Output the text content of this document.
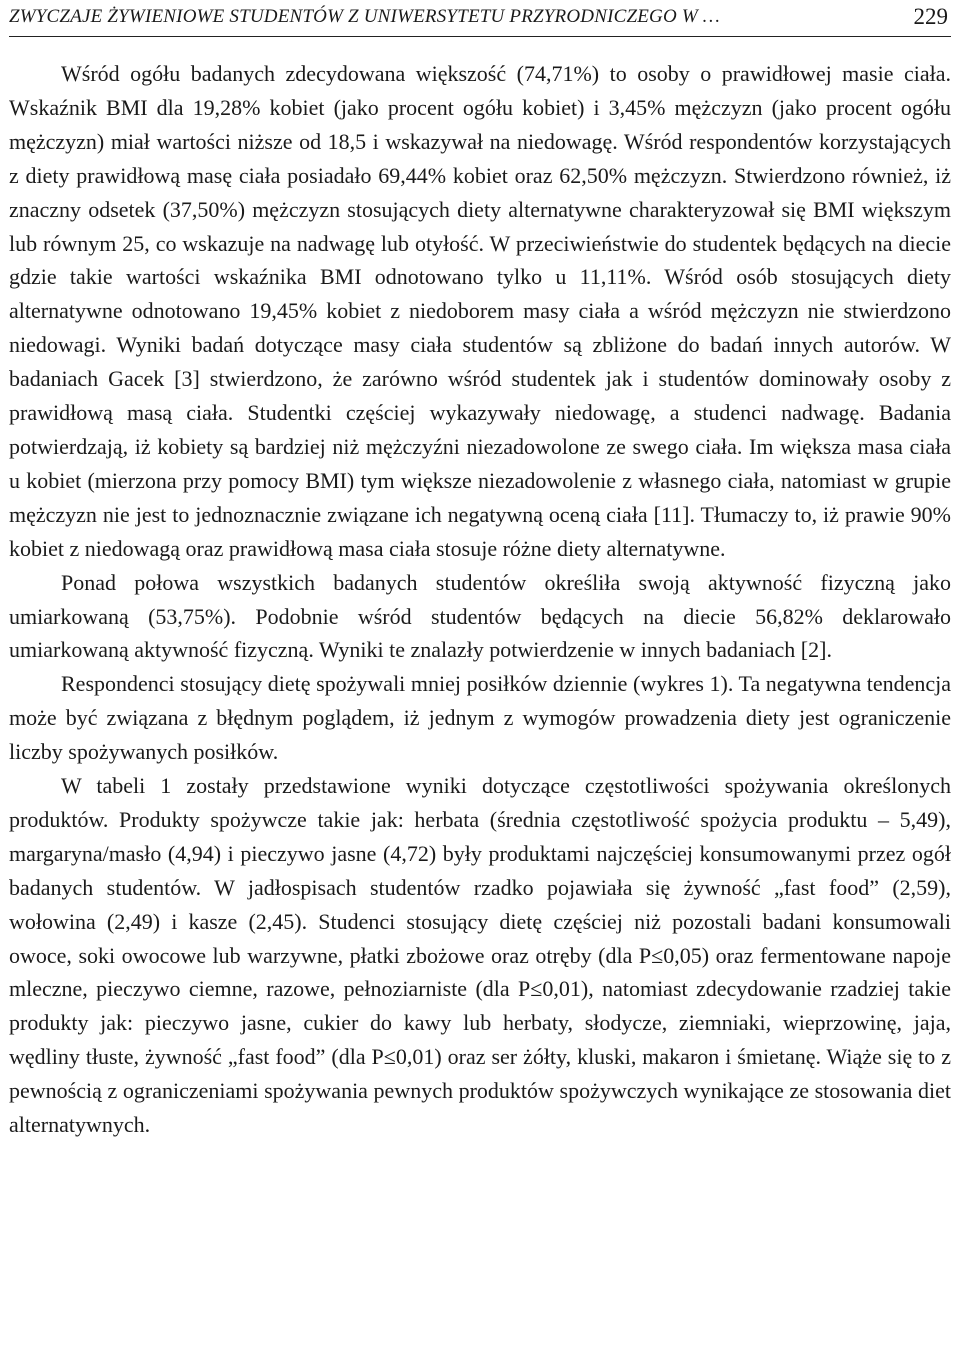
ZWYCZAJE ŻYWIENIOWE STUDENTÓW Z UNIWERSYTETU PRZYRODNICZEGO W …	229

Wśród ogółu badanych zdecydowana większość (74,71%) to osoby o prawidłowej masie ciała. Wskaźnik BMI dla 19,28% kobiet (jako procent ogółu kobiet) i 3,45% mężczyzn (jako procent ogółu mężczyzn) miał wartości niższe od 18,5 i wskazywał na niedowagę. Wśród respondentów korzystających z diety prawidłową masę ciała posiadało 69,44% kobiet oraz 62,50% mężczyzn. Stwierdzono również, iż znaczny odsetek (37,50%) mężczyzn stosujących diety alternatywne charakteryzował się BMI większym lub równym 25, co wskazuje na nadwagę lub otyłość. W przeciwieństwie do studentek będących na diecie gdzie takie wartości wskaźnika BMI odnotowano tylko u 11,11%. Wśród osób stosujących diety alternatywne odnotowano 19,45% kobiet z niedoborem masy ciała a wśród mężczyzn nie stwierdzono niedowagi. Wyniki badań dotyczące masy ciała studentów są zbliżone do badań innych autorów. W badaniach Gacek [3] stwierdzono, że zarówno wśród studentek jak i studentów dominowały osoby z prawidłową masą ciała. Studentki częściej wykazywały niedowagę, a studenci nadwagę. Badania potwierdzają, iż kobiety są bardziej niż mężczyźni niezadowolone ze swego ciała. Im większa masa ciała u kobiet (mierzona przy pomocy BMI) tym większe niezadowolenie z własnego ciała, natomiast w grupie mężczyzn nie jest to jednoznacznie związane ich negatywną oceną ciała [11]. Tłumaczy to, iż prawie 90% kobiet z niedowagą oraz prawidłową masa ciała stosuje różne diety alternatywne.

Ponad połowa wszystkich badanych studentów określiła swoją aktywność fizyczną jako umiarkowaną (53,75%). Podobnie wśród studentów będących na diecie 56,82% deklarowało umiarkowaną aktywność fizyczną. Wyniki te znalazły potwierdzenie w innych badaniach [2].

Respondenci stosujący dietę spożywali mniej posiłków dziennie (wykres 1). Ta negatywna tendencja może być związana z błędnym poglądem, iż jednym z wymogów prowadzenia diety jest ograniczenie liczby spożywanych posiłków.

W tabeli 1 zostały przedstawione wyniki dotyczące częstotliwości spożywania określonych produktów. Produkty spożywcze takie jak: herbata (średnia częstotliwość spożycia produktu – 5,49), margaryna/masło (4,94) i pieczywo jasne (4,72) były produktami najczęściej konsumowanymi przez ogół badanych studentów. W jadłospisach studentów rzadko pojawiała się żywność „fast food” (2,59), wołowina (2,49) i kasze (2,45). Studenci stosujący dietę częściej niż pozostali badani konsumowali owoce, soki owocowe lub warzywne, płatki zbożowe oraz otręby (dla P≤0,05) oraz fermentowane napoje mleczne, pieczywo ciemne, razowe, pełnoziarniste (dla P≤0,01), natomiast zdecydowanie rzadziej takie produkty jak: pieczywo jasne, cukier do kawy lub herbaty, słodycze, ziemniaki, wieprzowinę, jaja, wędliny tłuste, żywność „fast food” (dla P≤0,01) oraz ser żółty, kluski, makaron i śmietanę. Wiąże się to z pewnością z ograniczeniami spożywania pewnych produktów spożywczych wynikające ze stosowania diet alternatywnych.
